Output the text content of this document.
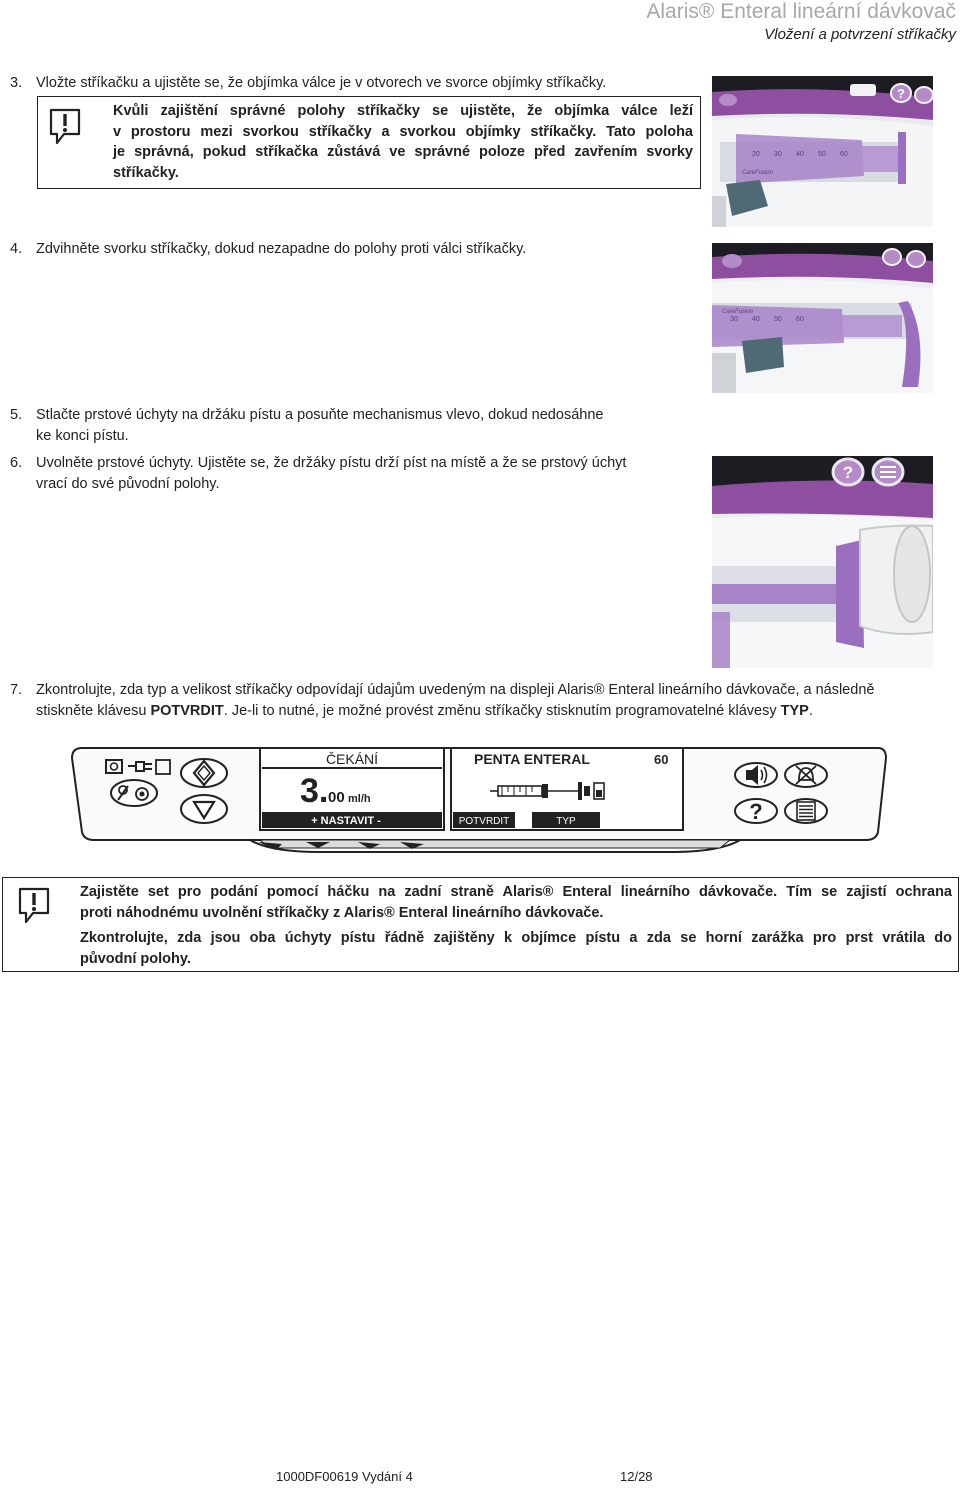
Alaris® Enteral lineární dávkovač
Vložení a potvrzení stříkačky
3. Vložte stříkačku a ujistěte se, že objímka válce je v otvorech ve svorce objímky stříkačky.
Kvůli zajištění správné polohy stříkačky se ujistěte, že objímka válce leží
v prostoru mezi svorkou stříkačky a svorkou objímky stříkačky. Tato poloha
je správná, pokud stříkačka zůstává ve správné poloze před zavřením svorky
stříkačky.
4. Zdvihněte svorku stříkačky, dokud nezapadne do polohy proti válci stříkačky.
5. Stlačte prstové úchyty na držáku pístu a posuňte mechanismus vlevo, dokud nedosáhne
ke konci pístu.
6. Uvolněte prstové úchyty. Ujistěte se, že držáky pístu drží píst na místě a že se prstový úchyt
vrací do své původní polohy.
?
20 30 40 50 60
CareFusion
30 40 50 60
CareFusion
?
7. Zkontrolujte, zda typ a velikost stříkačky odpovídají údajům uvedeným na displeji Alaris® Enteral lineárního dávkovače, a následně
stiskněte klávesu POTVRDIT. Je-li to nutné, je možné provést změnu stříkačky stisknutím programovatelné klávesy TYP.
ČEKÁNÍ
3. 00 ml/h
+ NASTAVIT -
PENTA ENTERAL	60
POTVRDIT	TYP	?
Zajistěte set pro podání pomocí háčku na zadní straně Alaris® Enteral lineárního dávkovače. Tím se zajistí ochrana
proti náhodnému uvolnění stříkačky z Alaris® Enteral lineárního dávkovače.
Zkontrolujte, zda jsou oba úchyty pístu řádně zajištěny k objímce pístu a zda se horní zarážka pro prst vrátila do
původní polohy.
1000DF00619 Vydání 4	12/28
